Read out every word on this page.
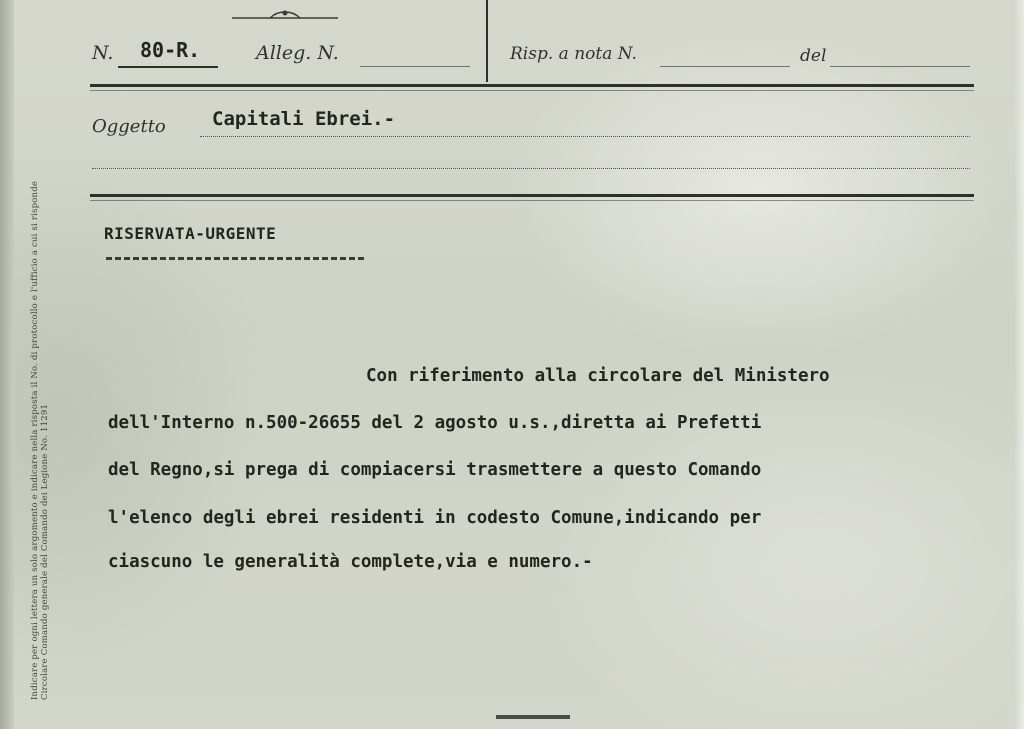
Indicare per ogni lettera un solo argomento e indicare nella risposta il No. di protocollo e l'ufficio a cui si risponde Circolare Comando generale del Comando dei Legione No. 11291
N. 80-R.	Alleg. N.	Risp. a nota N.	del
Oggetto Capitali Ebrei.-
RISERVATA-URGENTE
Con riferimento alla circolare del Ministero
dell'Interno n.500-26655 del 2 agosto u.s.,diretta ai Prefetti
del Regno,si prega di compiacersi trasmettere a questo Comando
l'elenco degli ebrei residenti in codesto Comune,indicando per
ciascuno le generalità complete,via e numero.-
